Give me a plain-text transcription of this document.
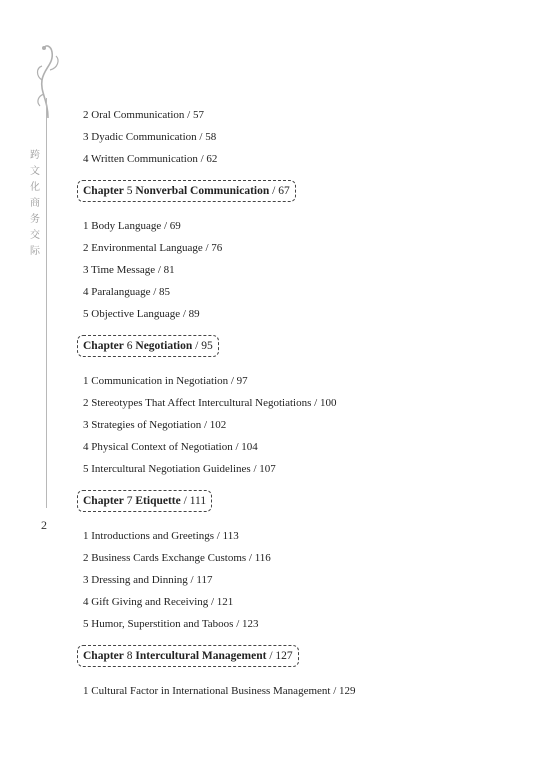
跨文化商务交际
2
2 Oral Communication / 57
3 Dyadic Communication / 58
4 Written Communication / 62
Chapter 5 Nonverbal Communication / 67
1 Body Language / 69
2 Environmental Language / 76
3 Time Message / 81
4 Paralanguage / 85
5 Objective Language / 89
Chapter 6 Negotiation / 95
1 Communication in Negotiation / 97
2 Stereotypes That Affect Intercultural Negotiations / 100
3 Strategies of Negotiation / 102
4 Physical Context of Negotiation / 104
5 Intercultural Negotiation Guidelines / 107
Chapter 7 Etiquette / 111
1 Introductions and Greetings / 113
2 Business Cards Exchange Customs / 116
3 Dressing and Dinning / 117
4 Gift Giving and Receiving / 121
5 Humor, Superstition and Taboos / 123
Chapter 8 Intercultural Management / 127
1 Cultural Factor in International Business Management / 129
